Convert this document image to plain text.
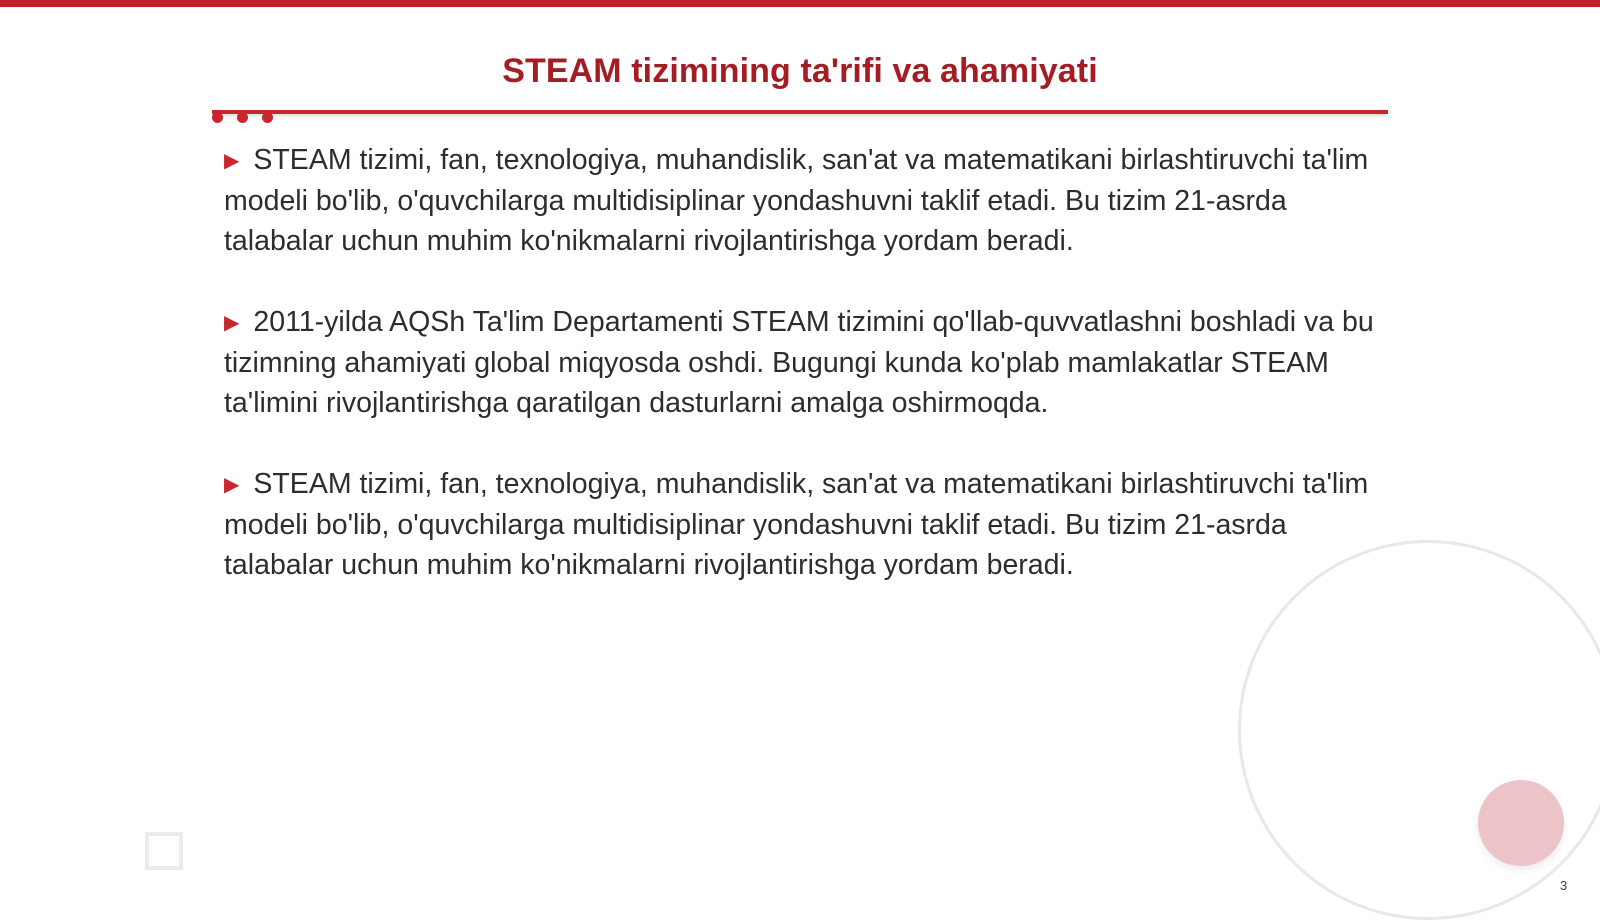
STEAM tizimining ta'rifi va ahamiyati

▶ STEAM tizimi, fan, texnologiya, muhandislik, san'at va matematikani birlashtiruvchi ta'lim modeli bo'lib, o'quvchilarga multidisiplinar yondashuvni taklif etadi. Bu tizim 21-asrda talabalar uchun muhim ko'nikmalarni rivojlantirishga yordam beradi.

▶ 2011-yilda AQSh Ta'lim Departamenti STEAM tizimini qo'llab-quvvatlashni boshladi va bu tizimning ahamiyati global miqyosda oshdi. Bugungi kunda ko'plab mamlakatlar STEAM ta'limini rivojlantirishga qaratilgan dasturlarni amalga oshirmoqda.

▶ STEAM tizimi, fan, texnologiya, muhandislik, san'at va matematikani birlashtiruvchi ta'lim modeli bo'lib, o'quvchilarga multidisiplinar yondashuvni taklif etadi. Bu tizim 21-asrda talabalar uchun muhim ko'nikmalarni rivojlantirishga yordam beradi.

3
